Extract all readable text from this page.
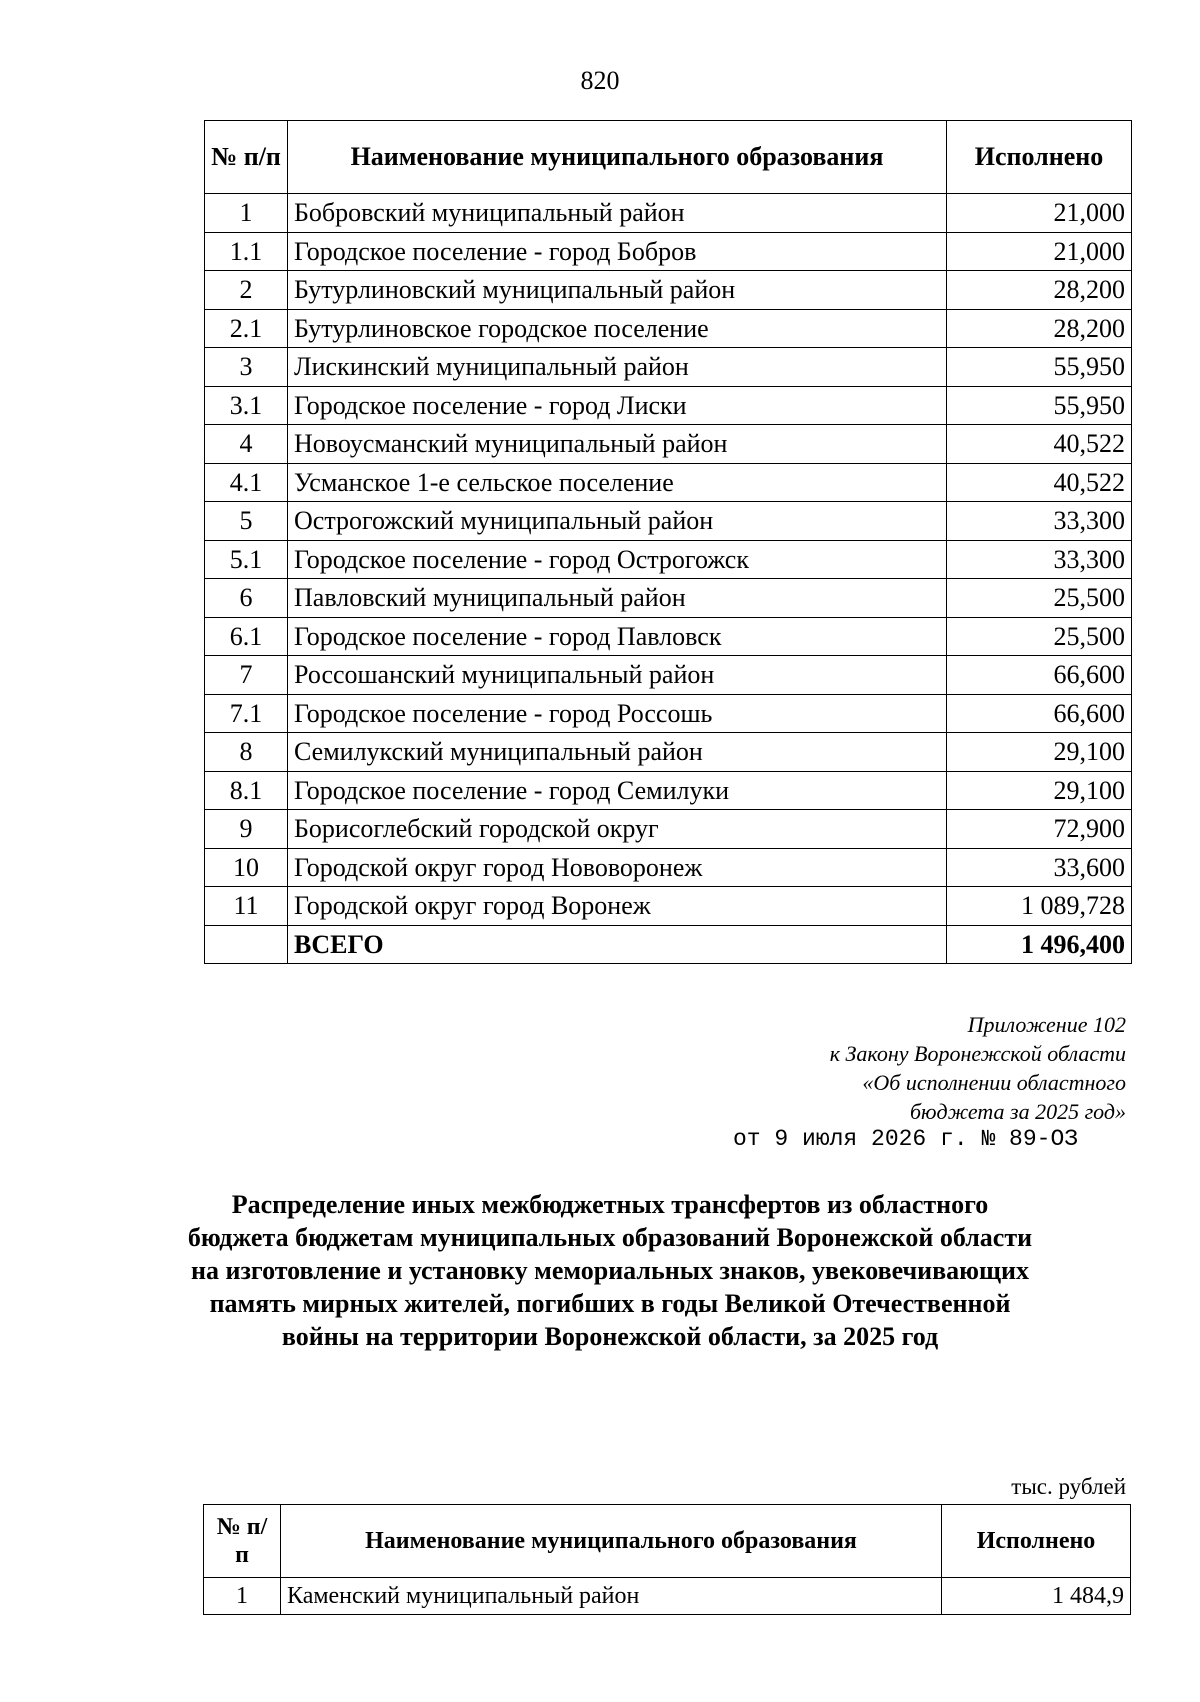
820
№ п/п	Наименование муниципального образования	Исполнено
1	Бобровский муниципальный район	21,000
1.1	Городское поселение - город Бобров	21,000
2	Бутурлиновский муниципальный район	28,200
2.1	Бутурлиновское городское поселение	28,200
3	Лискинский муниципальный район	55,950
3.1	Городское поселение - город Лиски	55,950
4	Новоусманский муниципальный район	40,522
4.1	Усманское 1-е сельское поселение	40,522
5	Острогожский муниципальный район	33,300
5.1	Городское поселение - город Острогожск	33,300
6	Павловский муниципальный район	25,500
6.1	Городское поселение - город Павловск	25,500
7	Россошанский муниципальный район	66,600
7.1	Городское поселение - город Россошь	66,600
8	Семилукский муниципальный район	29,100
8.1	Городское поселение - город Семилуки	29,100
9	Борисоглебский городской округ	72,900
10	Городской округ город Нововоронеж	33,600
11	Городской округ город Воронеж	1 089,728
	ВСЕГО	1 496,400
Приложение 102
к Закону Воронежской области
«Об исполнении областного
бюджета за 2025 год»
от 9 июля 2026 г. № 89-ОЗ
Распределение иных межбюджетных трансфертов из областного бюджета бюджетам муниципальных образований Воронежской области на изготовление и установку мемориальных знаков, увековечивающих память мирных жителей, погибших в годы Великой Отечественной войны на территории Воронежской области, за 2025 год
тыс. рублей
№ п/п	Наименование муниципального образования	Исполнено
1	Каменский муниципальный район	1 484,9
